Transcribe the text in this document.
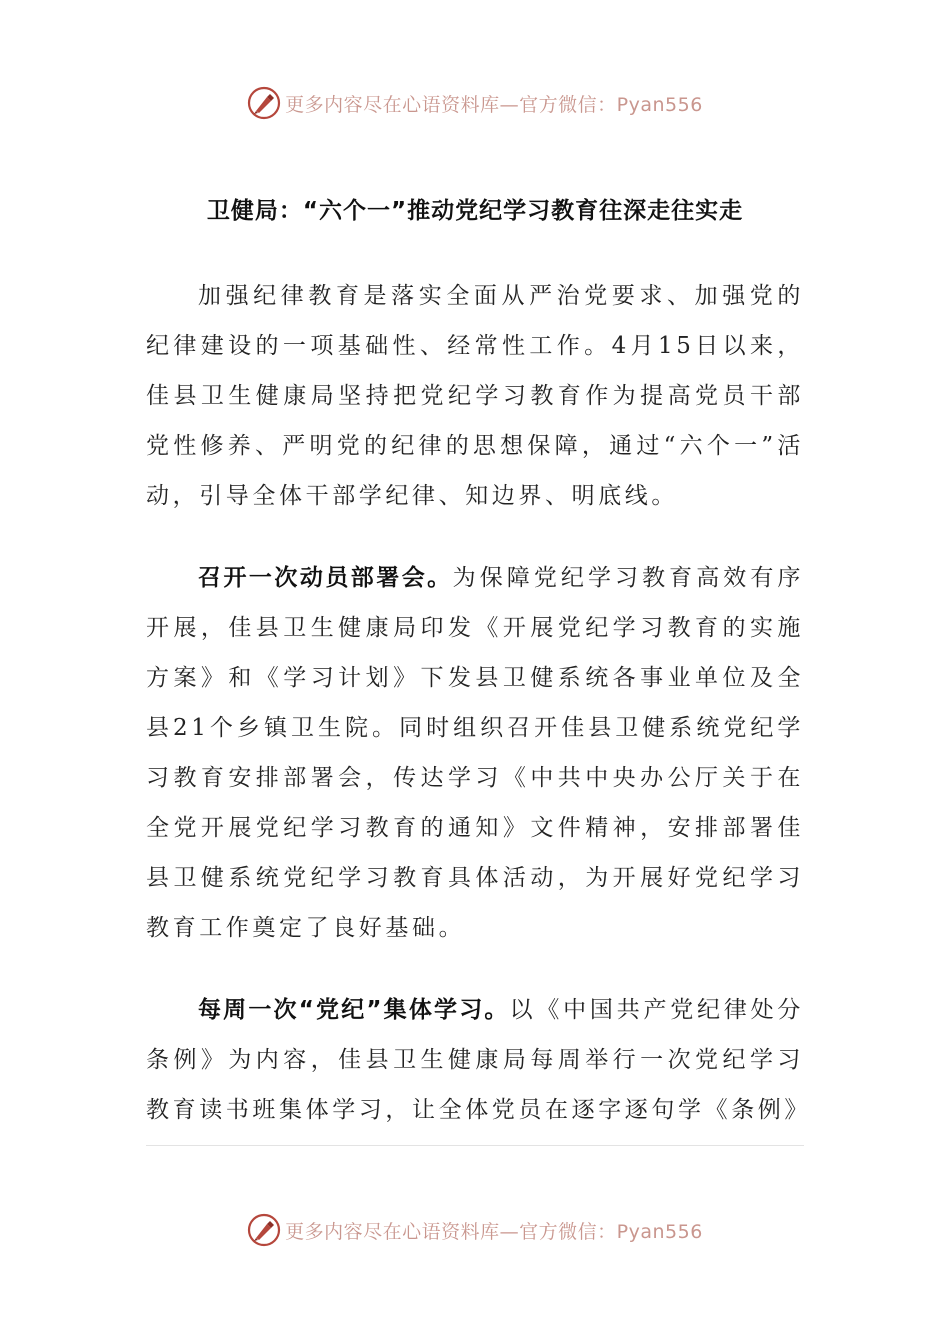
更多内容尽在心语资料库—官方微信：Pyan556
卫健局：“六个一”推动党纪学习教育往深走往实走

加强纪律教育是落实全面从严治党要求、加强党的纪律建设的一项基础性、经常性工作。4月15日以来，佳县卫生健康局坚持把党纪学习教育作为提高党员干部党性修养、严明党的纪律的思想保障，通过“六个一”活动，引导全体干部学纪律、知边界、明底线。

召开一次动员部署会。为保障党纪学习教育高效有序开展，佳县卫生健康局印发《开展党纪学习教育的实施方案》和《学习计划》下发县卫健系统各事业单位及全县21个乡镇卫生院。同时组织召开佳县卫健系统党纪学习教育安排部署会，传达学习《中共中央办公厅关于在全党开展党纪学习教育的通知》文件精神，安排部署佳县卫健系统党纪学习教育具体活动，为开展好党纪学习教育工作奠定了良好基础。

每周一次“党纪”集体学习。以《中国共产党纪律处分条例》为内容，佳县卫生健康局每周举行一次党纪学习教育读书班集体学习，让全体党员在逐字逐句学《条例》

更多内容尽在心语资料库—官方微信：Pyan556
